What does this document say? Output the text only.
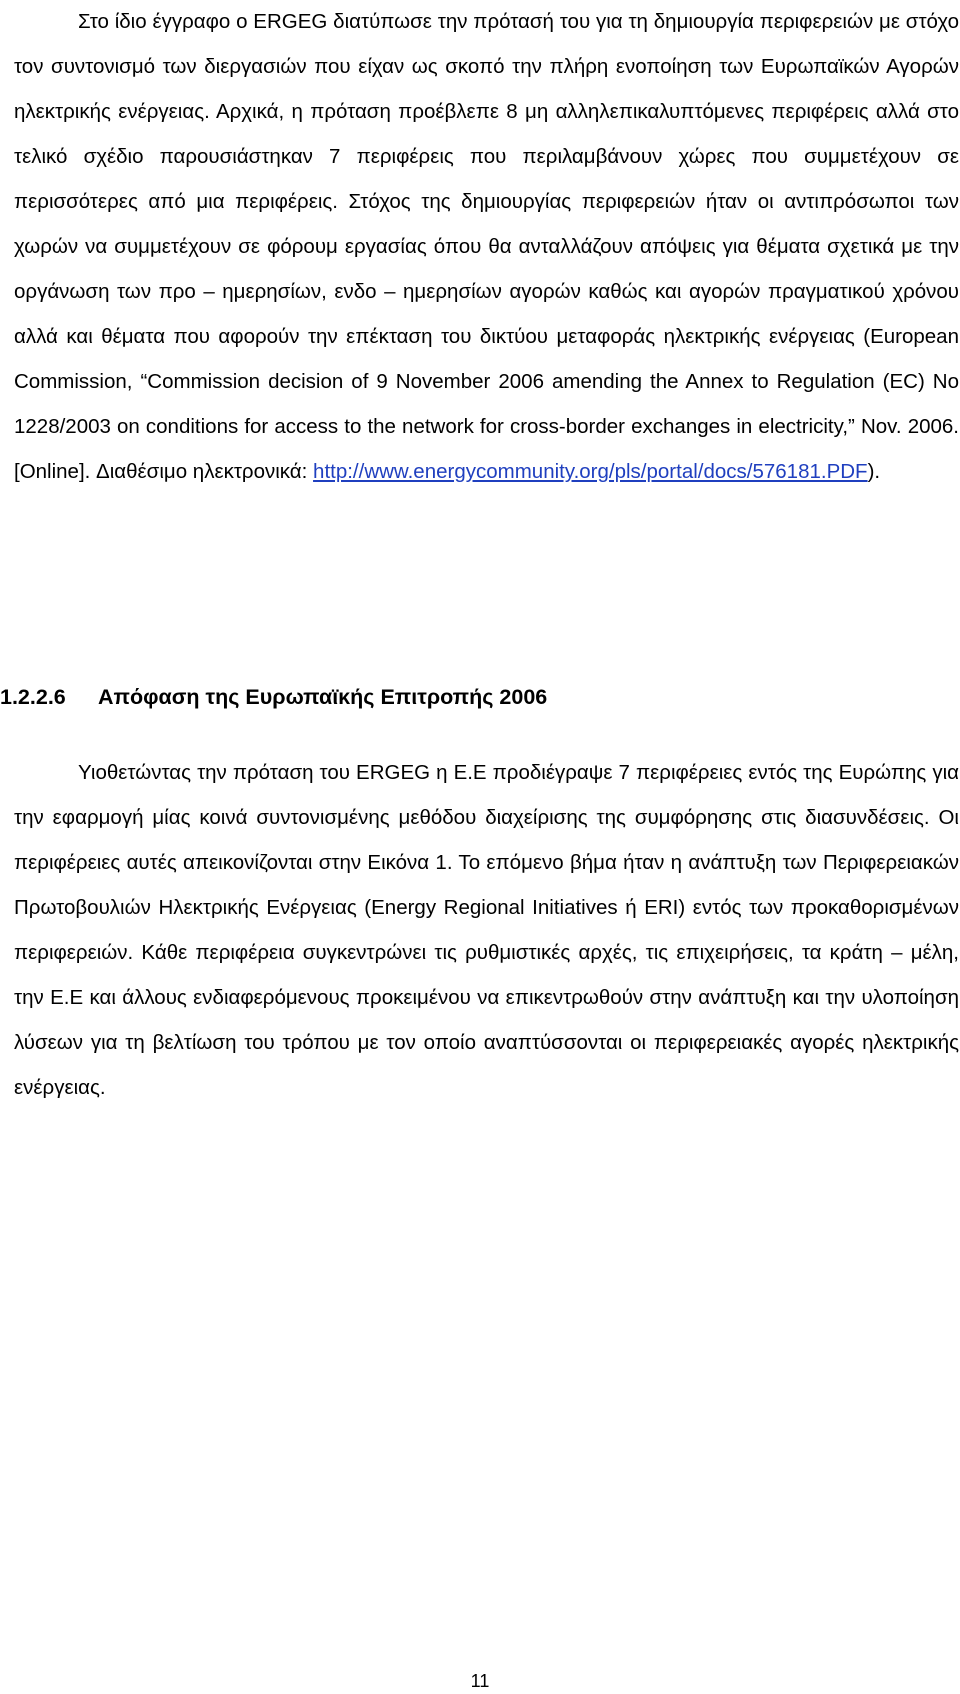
Στο ίδιο έγγραφο ο ERGEG διατύπωσε την πρότασή του για τη δημιουργία περιφερειών με στόχο τον συντονισμό των διεργασιών που είχαν ως σκοπό την πλήρη ενοποίηση των Ευρωπαϊκών Αγορών ηλεκτρικής ενέργειας. Αρχικά, η πρόταση προέβλεπε 8 μη αλληλεπικαλυπτόμενες περιφέρεις αλλά στο τελικό σχέδιο παρουσιάστηκαν 7 περιφέρεις που περιλαμβάνουν χώρες που συμμετέχουν σε περισσότερες από μια περιφέρεις. Στόχος της δημιουργίας περιφερειών ήταν οι αντιπρόσωποι των χωρών να συμμετέχουν σε φόρουμ εργασίας όπου θα ανταλλάζουν απόψεις για θέματα σχετικά με την οργάνωση των προ – ημερησίων, ενδο – ημερησίων αγορών καθώς και αγορών πραγματικού χρόνου αλλά και θέματα που αφορούν την επέκταση του δικτύου μεταφοράς ηλεκτρικής ενέργειας (European Commission, “Commission decision of 9 November 2006 amending the Annex to Regulation (EC) No 1228/2003 on conditions for access to the network for cross-border exchanges in electricity,” Nov. 2006. [Online]. Διαθέσιμο ηλεκτρονικά: http://www.energycommunity.org/pls/portal/docs/576181.PDF).

1.2.2.6 Απόφαση της Ευρωπαϊκής Επιτροπής 2006

Υιοθετώντας την πρόταση του ERGEG η Ε.Ε προδιέγραψε 7 περιφέρειες εντός της Ευρώπης για την εφαρμογή μίας κοινά συντονισμένης μεθόδου διαχείρισης της συμφόρησης στις διασυνδέσεις. Οι περιφέρειες αυτές απεικονίζονται στην Εικόνα 1. Το επόμενο βήμα ήταν η ανάπτυξη των Περιφερειακών Πρωτοβουλιών Ηλεκτρικής Ενέργειας (Energy Regional Initiatives ή ERI) εντός των προκαθορισμένων περιφερειών. Κάθε περιφέρεια συγκεντρώνει τις ρυθμιστικές αρχές, τις επιχειρήσεις, τα κράτη – μέλη, την Ε.Ε και άλλους ενδιαφερόμενους προκειμένου να επικεντρωθούν στην ανάπτυξη και την υλοποίηση λύσεων για τη βελτίωση του τρόπου με τον οποίο αναπτύσσονται οι περιφερειακές αγορές ηλεκτρικής ενέργειας.

11
